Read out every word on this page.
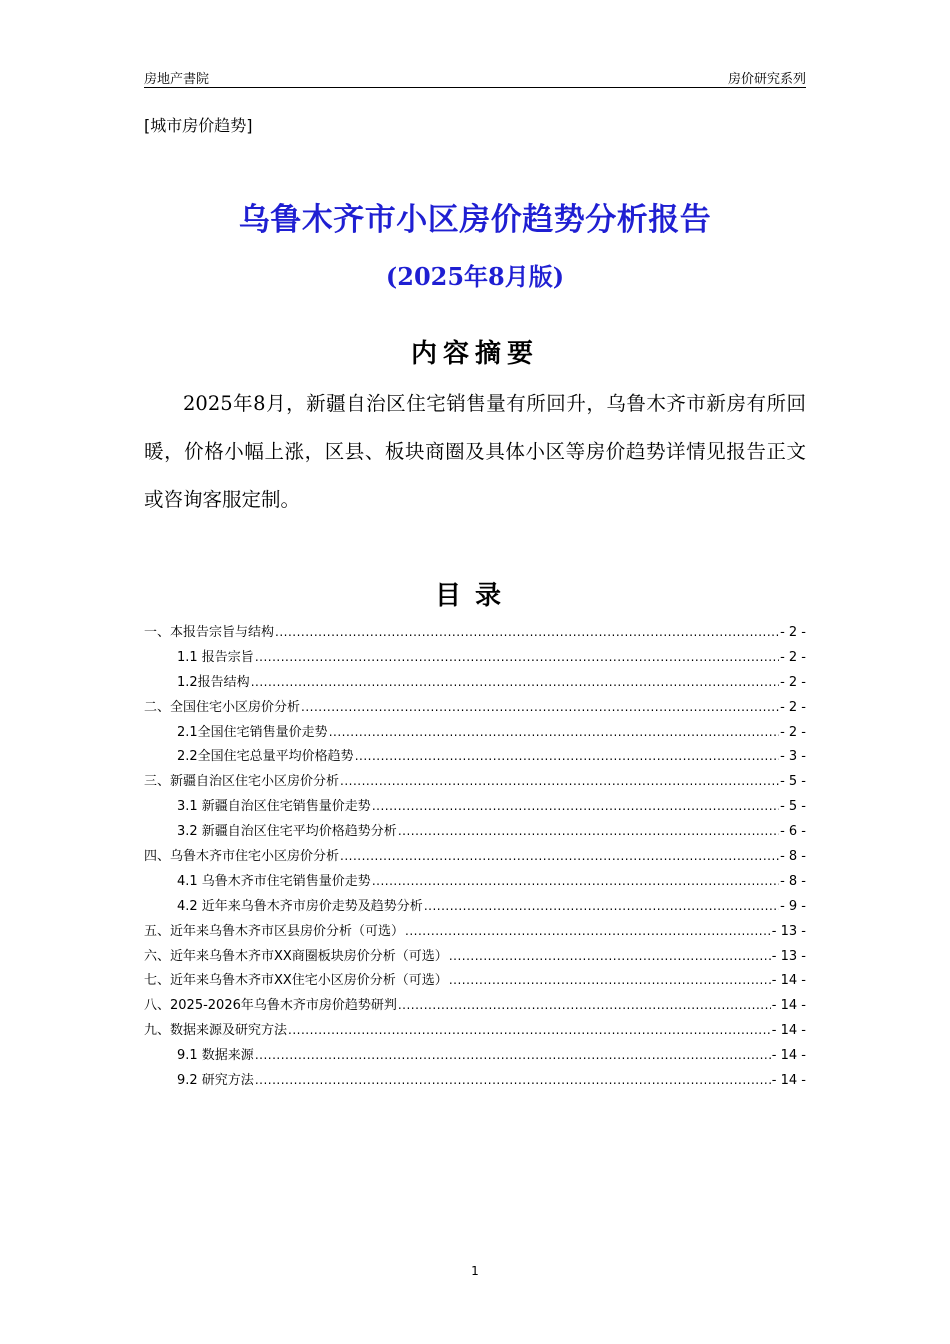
房地产書院	房价研究系列
[城市房价趋势]
乌鲁木齐市小区房价趋势分析报告
(2025年8月版)
内容摘要
2025年8月，新疆自治区住宅销售量有所回升，乌鲁木齐市新房有所回暖，价格小幅上涨，区县、板块商圈及具体小区等房价趋势详情见报告正文或咨询客服定制。
目录
一、本报告宗旨与结构 .....	- 2 -
1.1 报告宗旨 .....	- 2 -
1.2报告结构 .....	- 2 -
二、全国住宅小区房价分析 .....	- 2 -
2.1全国住宅销售量价走势 .....	- 2 -
2.2全国住宅总量平均价格趋势 .....	- 3 -
三、新疆自治区住宅小区房价分析 .....	- 5 -
3.1 新疆自治区住宅销售量价走势 .....	- 5 -
3.2 新疆自治区住宅平均价格趋势分析 .....	- 6 -
四、乌鲁木齐市住宅小区房价分析 .....	- 8 -
4.1 乌鲁木齐市住宅销售量价走势 .....	- 8 -
4.2 近年来乌鲁木齐市房价走势及趋势分析 .....	- 9 -
五、近年来乌鲁木齐市区县房价分析（可选） .....	- 13 -
六、近年来乌鲁木齐市XX商圈板块房价分析（可选） .....	- 13 -
七、近年来乌鲁木齐市XX住宅小区房价分析（可选） .....	- 14 -
八、2025-2026年乌鲁木齐市房价趋势研判 .....	- 14 -
九、数据来源及研究方法 .....	- 14 -
9.1 数据来源 .....	- 14 -
9.2 研究方法 .....	- 14 -
1
